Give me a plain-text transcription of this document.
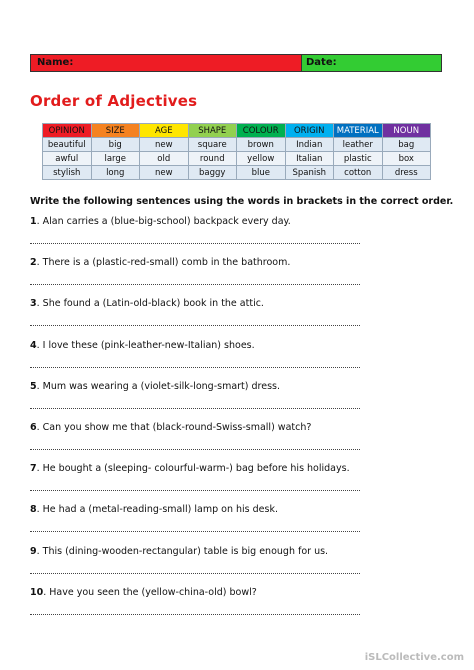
Name:	Date:
Order of Adjectives
OPINION	SIZE	AGE	SHAPE	COLOUR	ORIGIN	MATERIAL	NOUN
beautiful	big	new	square	brown	Indian	leather	bag
awful	large	old	round	yellow	Italian	plastic	box
stylish	long	new	baggy	blue	Spanish	cotton	dress
Write the following sentences using the words in brackets in the correct order.
1. Alan carries a (blue-big-school) backpack every day.
2. There is a (plastic-red-small) comb in the bathroom.
3. She found a (Latin-old-black) book in the attic.
4. I love these (pink-leather-new-Italian) shoes.
5. Mum was wearing a (violet-silk-long-smart) dress.
6. Can you show me that (black-round-Swiss-small) watch?
7. He bought a (sleeping- colourful-warm-) bag before his holidays.
8. He had a (metal-reading-small) lamp on his desk.
9. This (dining-wooden-rectangular) table is big enough for us.
10. Have you seen the (yellow-china-old) bowl?
iSLCollective.com
